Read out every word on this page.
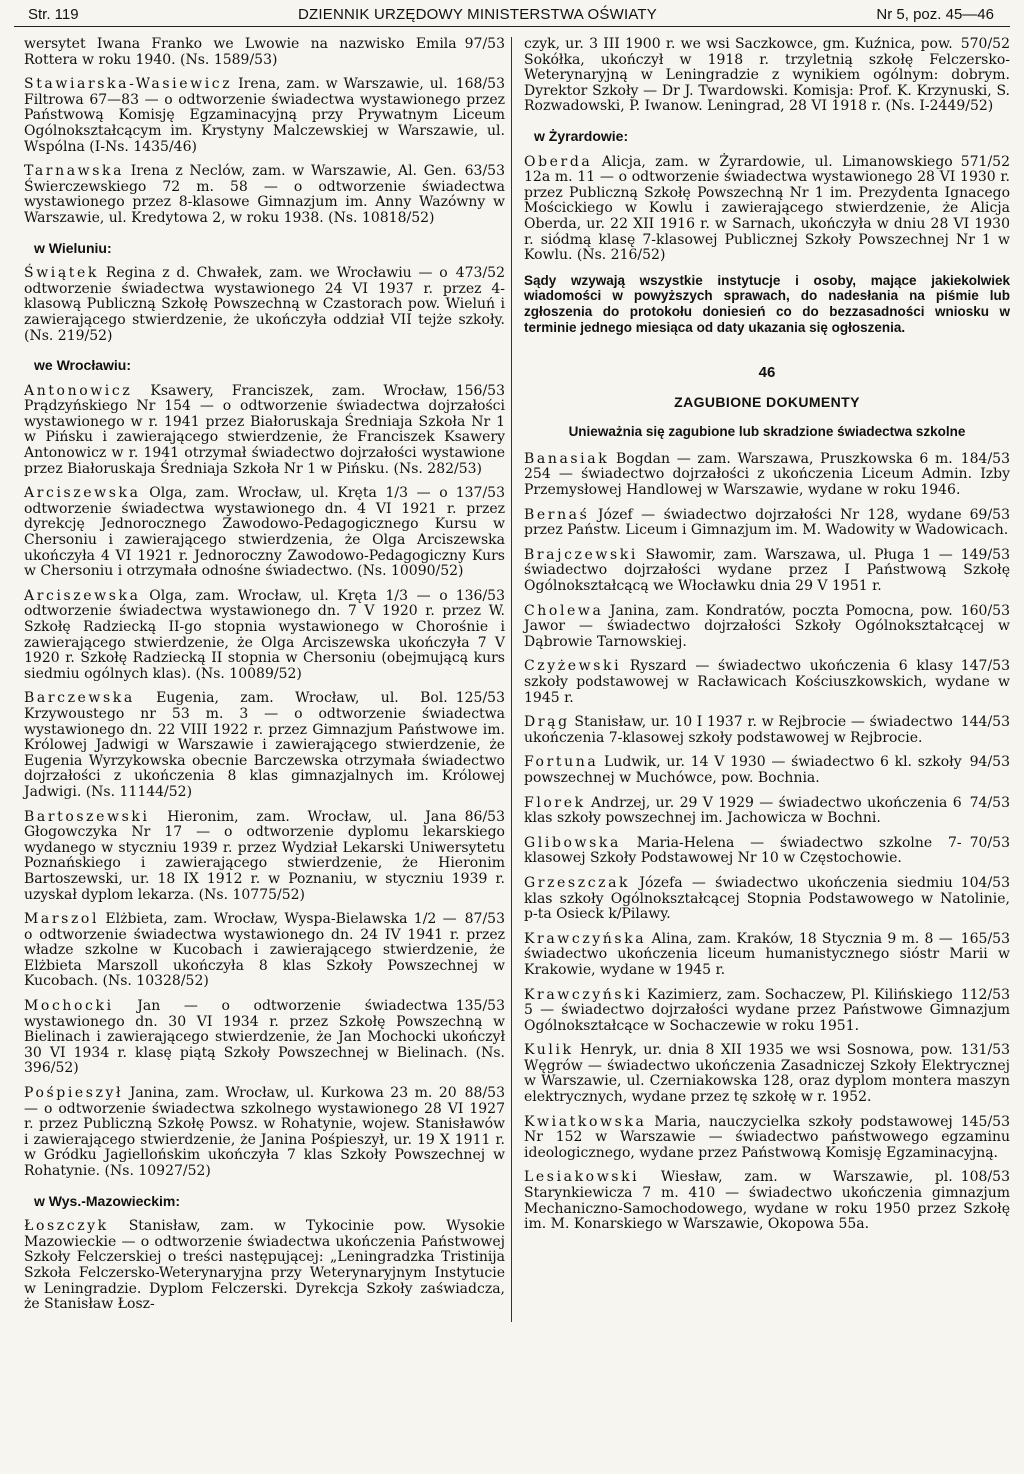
Str. 119	DZIENNIK URZĘDOWY MINISTERSTWA OŚWIATY	Nr 5, poz. 45—46

97/53
wersytet Iwana Franko we Lwowie na nazwisko Emila Rottera w roku 1940. (Ns. 1589/53)

168/53
Stawiarska-Wasiewicz Irena, zam. w Warszawie, ul. Filtrowa 67—83 — o odtworzenie świadectwa wystawionego przez Państwową Komisję Egzaminacyjną przy Prywatnym Liceum Ogólnokształcącym im. Krystyny Malczewskiej w Warszawie, ul. Wspólna (I-Ns. 1435/46)

63/53
Tarnawska Irena z Neclów, zam. w Warszawie, Al. Gen. Świerczewskiego 72 m. 58 — o odtworzenie świadectwa wystawionego przez 8-klasowe Gimnazjum im. Anny Wazówny w Warszawie, ul. Kredytowa 2, w roku 1938. (Ns. 10818/52)

w Wieluniu:

473/52
Świątek Regina z d. Chwałek, zam. we Wrocławiu — o odtworzenie świadectwa wystawionego 24 VI 1937 r. przez 4-klasową Publiczną Szkołę Powszechną w Czastorach pow. Wieluń i zawierającego stwierdzenie, że ukończyła oddział VII tejże szkoły. (Ns. 219/52)

we Wrocławiu:

156/53
Antonowicz Ksawery, Franciszek, zam. Wrocław, Prądzyńskiego Nr 154 — o odtworzenie świadectwa dojrzałości wystawionego w r. 1941 przez Białoruskaja Średniaja Szkoła Nr 1 w Pińsku i zawierającego stwierdzenie, że Franciszek Ksawery Antonowicz w r. 1941 otrzymał świadectwo dojrzałości wystawione przez Białoruskaja Średniaja Szkoła Nr 1 w Pińsku. (Ns. 282/53)

137/53
Arciszewska Olga, zam. Wrocław, ul. Kręta 1/3 — o odtworzenie świadectwa wystawionego dn. 4 VI 1921 r. przez dyrekcję Jednorocznego Zawodowo-Pedagogicznego Kursu w Chersoniu i zawierającego stwierdzenia, że Olga Arciszewska ukończyła 4 VI 1921 r. Jednoroczny Zawodowo-Pedagogiczny Kurs w Chersoniu i otrzymała odnośne świadectwo. (Ns. 10090/52)

136/53
Arciszewska Olga, zam. Wrocław, ul. Kręta 1/3 — o odtworzenie świadectwa wystawionego dn. 7 V 1920 r. przez W. Szkołę Radziecką II-go stopnia wystawionego w Chorośnie i zawierającego stwierdzenie, że Olga Arciszewska ukończyła 7 V 1920 r. Szkołę Radziecką II stopnia w Chersoniu (obejmującą kurs siedmiu ogólnych klas). (Ns. 10089/52)

125/53
Barczewska Eugenia, zam. Wrocław, ul. Bol. Krzywoustego nr 53 m. 3 — o odtworzenie świadectwa wystawionego dn. 22 VIII 1922 r. przez Gimnazjum Państwowe im. Królowej Jadwigi w Warszawie i zawierającego stwierdzenie, że Eugenia Wyrzykowska obecnie Barczewska otrzymała świadectwo dojrzałości z ukończenia 8 klas gimnazjalnych im. Królowej Jadwigi. (Ns. 11144/52)

86/53
Bartoszewski Hieronim, zam. Wrocław, ul. Jana Głogowczyka Nr 17 — o odtworzenie dyplomu lekarskiego wydanego w styczniu 1939 r. przez Wydział Lekarski Uniwersytetu Poznańskiego i zawierającego stwierdzenie, że Hieronim Bartoszewski, ur. 18 IX 1912 r. w Poznaniu, w styczniu 1939 r. uzyskał dyplom lekarza. (Ns. 10775/52)

87/53
Marszol Elżbieta, zam. Wrocław, Wyspa-Bielawska 1/2 — o odtworzenie świadectwa wystawionego dn. 24 IV 1941 r. przez władze szkolne w Kucobach i zawierającego stwierdzenie, że Elżbieta Marszoll ukończyła 8 klas Szkoły Powszechnej w Kucobach. (Ns. 10328/52)

135/53
Mochocki Jan — o odtworzenie świadectwa wystawionego dn. 30 VI 1934 r. przez Szkołę Powszechną w Bielinach i zawierającego stwierdzenie, że Jan Mochocki ukończył 30 VI 1934 r. klasę piątą Szkoły Powszechnej w Bielinach. (Ns. 396/52)

88/53
Pośpieszył Janina, zam. Wrocław, ul. Kurkowa 23 m. 20 — o odtworzenie świadectwa szkolnego wystawionego 28 VI 1927 r. przez Publiczną Szkołę Powsz. w Rohatynie, wojew. Stanisławów i zawierającego stwierdzenie, że Janina Pośpieszył, ur. 19 X 1911 r. w Gródku Jagiellońskim ukończyła 7 klas Szkoły Powszechnej w Rohatynie. (Ns. 10927/52)

w Wys.-Mazowieckim:

Łoszczyk Stanisław, zam. w Tykocinie pow. Wysokie Mazowieckie — o odtworzenie świadectwa ukończenia Państwowej Szkoły Felczerskiej o treści następującej: „Leningradzka Tristinija Szkoła Felczersko-Weterynaryjna przy Weterynaryjnym Instytucie w Leningradzie. Dyplom Felczerski. Dyrekcja Szkoły zaświadcza, że Stanisław Łosz-

570/52
czyk, ur. 3 III 1900 r. we wsi Saczkowce, gm. Kuźnica, pow. Sokółka, ukończył w 1918 r. trzyletnią szkołę Felczersko-Weterynaryjną w Leningradzie z wynikiem ogólnym: dobrym. Dyrektor Szkoły — Dr J. Twardowski. Komisja: Prof. K. Krzynuski, S. Rozwadowski, P. Iwanow. Leningrad, 28 VI 1918 r. (Ns. I-2449/52)

w Żyrardowie:

571/52
Oberda Alicja, zam. w Żyrardowie, ul. Limanowskiego 12a m. 11 — o odtworzenie świadectwa wystawionego 28 VI 1930 r. przez Publiczną Szkołę Powszechną Nr 1 im. Prezydenta Ignacego Mościckiego w Kowlu i zawierającego stwierdzenie, że Alicja Oberda, ur. 22 XII 1916 r. w Sarnach, ukończyła w dniu 28 VI 1930 r. siódmą klasę 7-klasowej Publicznej Szkoły Powszechnej Nr 1 w Kowlu. (Ns. 216/52)

Sądy wzywają wszystkie instytucje i osoby, mające jakiekolwiek wiadomości w powyższych sprawach, do nadesłania na piśmie lub zgłoszenia do protokołu doniesień co do bezzasadności wniosku w terminie jednego miesiąca od daty ukazania się ogłoszenia.
46
ZAGUBIONE DOKUMENTY
Unieważnia się zagubione lub skradzione świadectwa szkolne

184/53
Banasiak Bogdan — zam. Warszawa, Pruszkowska 6 m. 254 — świadectwo dojrzałości z ukończenia Liceum Admin. Izby Przemysłowej Handlowej w Warszawie, wydane w roku 1946.

69/53
Bernaś Józef — świadectwo dojrzałości Nr 128, wydane przez Państw. Liceum i Gimnazjum im. M. Wadowity w Wadowicach.

149/53
Brajczewski Sławomir, zam. Warszawa, ul. Pługa 1 — świadectwo dojrzałości wydane przez I Państwową Szkołę Ogólnokształcącą we Włocławku dnia 29 V 1951 r.

160/53
Cholewa Janina, zam. Kondratów, poczta Pomocna, pow. Jawor — świadectwo dojrzałości Szkoły Ogólnokształcącej w Dąbrowie Tarnowskiej.

147/53
Czyżewski Ryszard — świadectwo ukończenia 6 klasy szkoły podstawowej w Racławicach Kościuszkowskich, wydane w 1945 r.

144/53
Drąg Stanisław, ur. 10 I 1937 r. w Rejbrocie — świadectwo ukończenia 7-klasowej szkoły podstawowej w Rejbrocie.

94/53
Fortuna Ludwik, ur. 14 V 1930 — świadectwo 6 kl. szkoły powszechnej w Muchówce, pow. Bochnia.

74/53
Florek Andrzej, ur. 29 V 1929 — świadectwo ukończenia 6 klas szkoły powszechnej im. Jachowicza w Bochni.

70/53
Glibowska Maria-Helena — świadectwo szkolne 7-klasowej Szkoły Podstawowej Nr 10 w Częstochowie.

104/53
Grzeszczak Józefa — świadectwo ukończenia siedmiu klas szkoły Ogólnokształcącej Stopnia Podstawowego w Natolinie, p-ta Osieck k/Pilawy.

165/53
Krawczyńska Alina, zam. Kraków, 18 Stycznia 9 m. 8 — świadectwo ukończenia liceum humanistycznego sióstr Marii w Krakowie, wydane w 1945 r.

112/53
Krawczyński Kazimierz, zam. Sochaczew, Pl. Kilińskiego 5 — świadectwo dojrzałości wydane przez Państwowe Gimnazjum Ogólnokształcące w Sochaczewie w roku 1951.

131/53
Kulik Henryk, ur. dnia 8 XII 1935 we wsi Sosnowa, pow. Węgrów — świadectwo ukończenia Zasadniczej Szkoły Elektrycznej w Warszawie, ul. Czerniakowska 128, oraz dyplom montera maszyn elektrycznych, wydane przez tę szkołę w r. 1952.

145/53
Kwiatkowska Maria, nauczycielka szkoły podstawowej Nr 152 w Warszawie — świadectwo państwowego egzaminu ideologicznego, wydane przez Państwową Komisję Egzaminacyjną.

108/53
Lesiakowski Wiesław, zam. w Warszawie, pl. Starynkiewicza 7 m. 410 — świadectwo ukończenia gimnazjum Mechaniczno-Samochodowego, wydane w roku 1950 przez Szkołę im. M. Konarskiego w Warszawie, Okopowa 55a.
